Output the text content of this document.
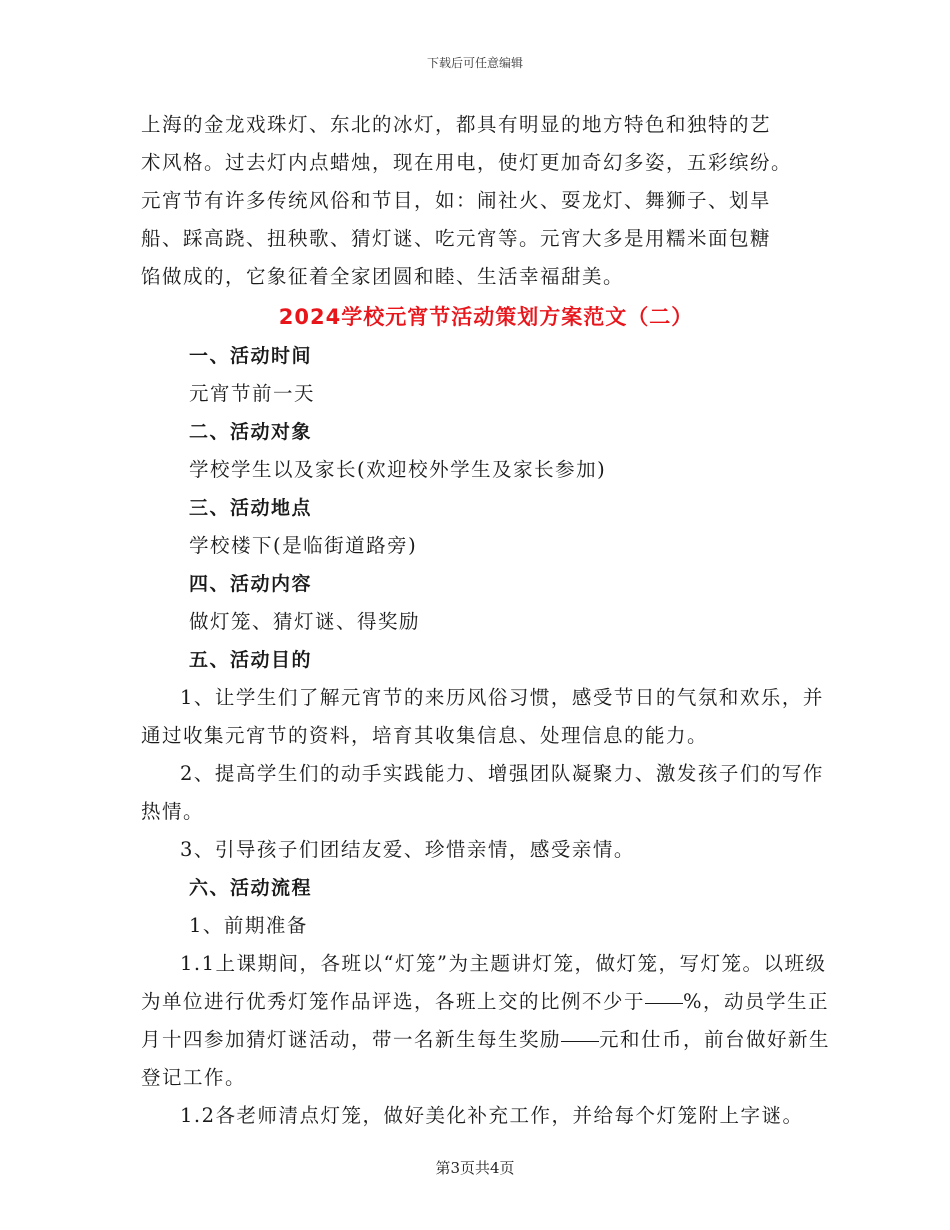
下载后可任意编辑

上海的金龙戏珠灯、东北的冰灯，都具有明显的地方特色和独特的艺

术风格。过去灯内点蜡烛，现在用电，使灯更加奇幻多姿，五彩缤纷。

元宵节有许多传统风俗和节目，如：闹社火、耍龙灯、舞狮子、划旱

船、踩高跷、扭秧歌、猜灯谜、吃元宵等。元宵大多是用糯米面包糖

馅做成的，它象征着全家团圆和睦、生活幸福甜美。

2024学校元宵节活动策划方案范文（二）

一、活动时间

元宵节前一天

二、活动对象

学校学生以及家长(欢迎校外学生及家长参加)

三、活动地点

学校楼下(是临街道路旁)

四、活动内容

做灯笼、猜灯谜、得奖励

五、活动目的

1、让学生们了解元宵节的来历风俗习惯，感受节日的气氛和欢乐，并通过收集元宵节的资料，培育其收集信息、处理信息的能力。

2、提高学生们的动手实践能力、增强团队凝聚力、激发孩子们的写作热情。

3、引导孩子们团结友爱、珍惜亲情，感受亲情。

六、活动流程

1、前期准备

1.1上课期间，各班以“灯笼”为主题讲灯笼，做灯笼，写灯笼。以班级为单位进行优秀灯笼作品评选，各班上交的比例不少于 %，动员学生正月十四参加猜灯谜活动，带一名新生每生奖励 元和仕币，前台做好新生登记工作。

1.2各老师清点灯笼，做好美化补充工作，并给每个灯笼附上字谜。

第3页共4页
